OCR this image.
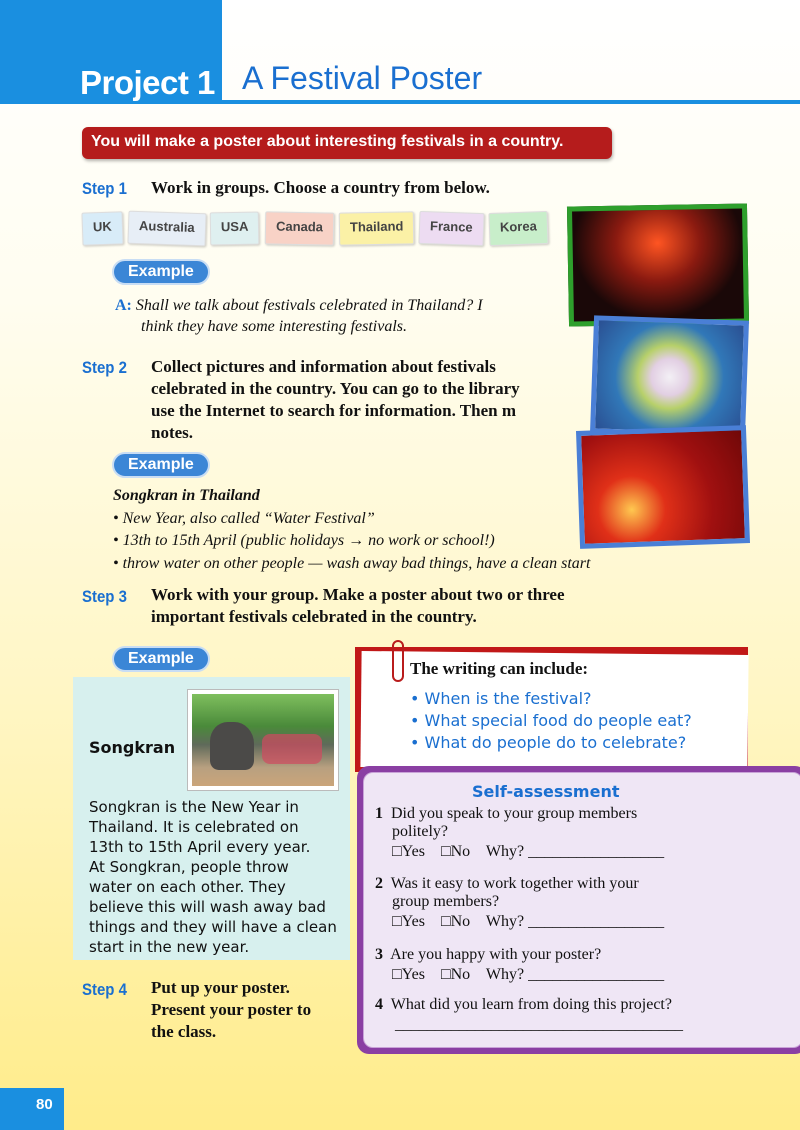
Project 1 A Festival Poster
You will make a poster about interesting festivals in a country.
Step 1 Work in groups. Choose a country from below.
UK	Australia	USA	Canada	Thailand	France	Korea
Example
A: Shall we talk about festivals celebrated in Thailand? I
think they have some interesting festivals.
Step 2 Collect pictures and information about festivals
celebrated in the country. You can go to the library
use the Internet to search for information. Then m
notes.
Example
Songkran in Thailand
• New Year, also called “Water Festival”
• 13th to 15th April (public holidays → no work or school!)
• throw water on other people — wash away bad things, have a clean start
Step 3 Work with your group. Make a poster about two or three
important festivals celebrated in the country.
Example
Songkran
Songkran is the New Year in
Thailand. It is celebrated on
13th to 15th April every year.
At Songkran, people throw
water on each other. They
believe this will wash away bad
things and they will have a clean
start in the new year.
The writing can include:
• When is the festival?
• What special food do people eat?
• What do people do to celebrate?
Self-assessment
1 Did you speak to your group members
politely?
□Yes □No Why? _________________
2 Was it easy to work together with your
group members?
□Yes □No Why? _________________
3 Are you happy with your poster?
□Yes □No Why? _________________
4 What did you learn from doing this project?
____________________________________
Step 4 Put up your poster.
Present your poster to
the class.
80
